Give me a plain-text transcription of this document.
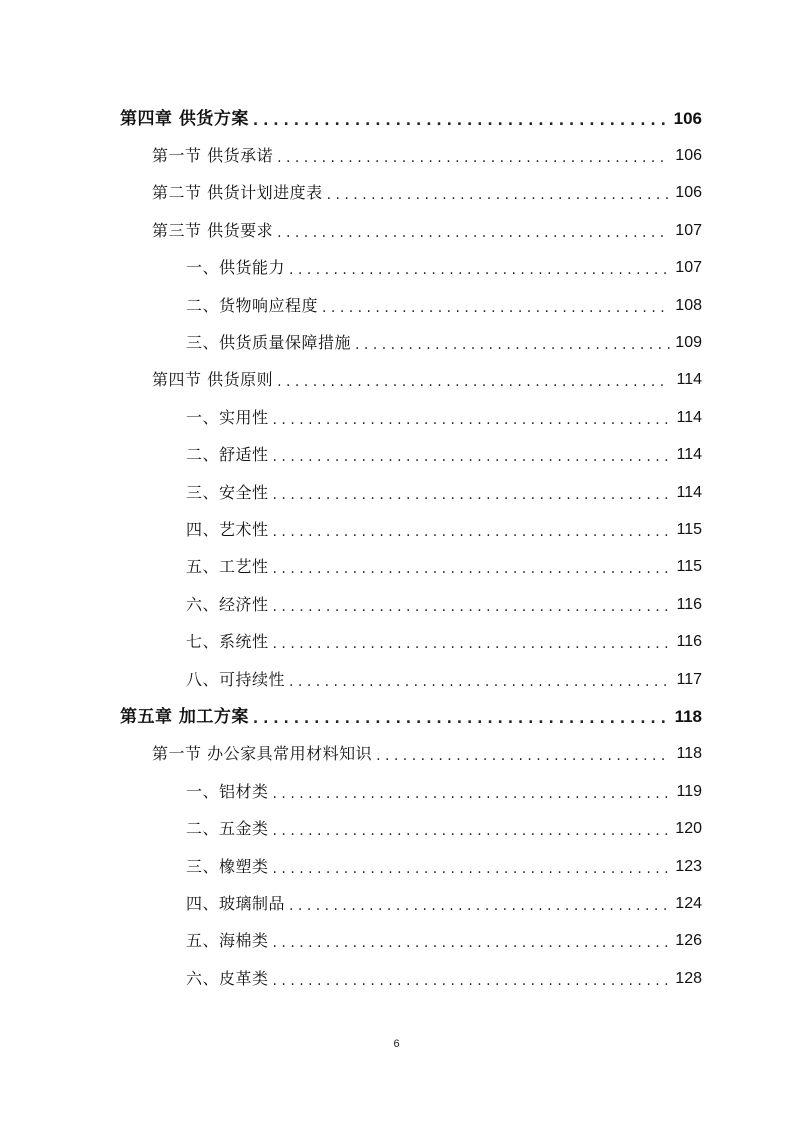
第四章 供货方案 . . .	106
第一节 供货承诺 . . .	106
第二节 供货计划进度表 . . .	106
第三节 供货要求 . . .	107
一、供货能力 . . .	107
二、货物响应程度 . . .	108
三、供货质量保障措施 . . .	109
第四节 供货原则 . . .	114
一、实用性 . . .	114
二、舒适性 . . .	114
三、安全性 . . .	114
四、艺术性 . . .	115
五、工艺性 . . .	115
六、经济性 . . .	116
七、系统性 . . .	116
八、可持续性 . . .	117
第五章 加工方案 . . .	118
第一节 办公家具常用材料知识 . . .	118
一、铝材类 . . .	119
二、五金类 . . .	120
三、橡塑类 . . .	123
四、玻璃制品 . . .	124
五、海棉类 . . .	126
六、皮革类 . . .	128
6
